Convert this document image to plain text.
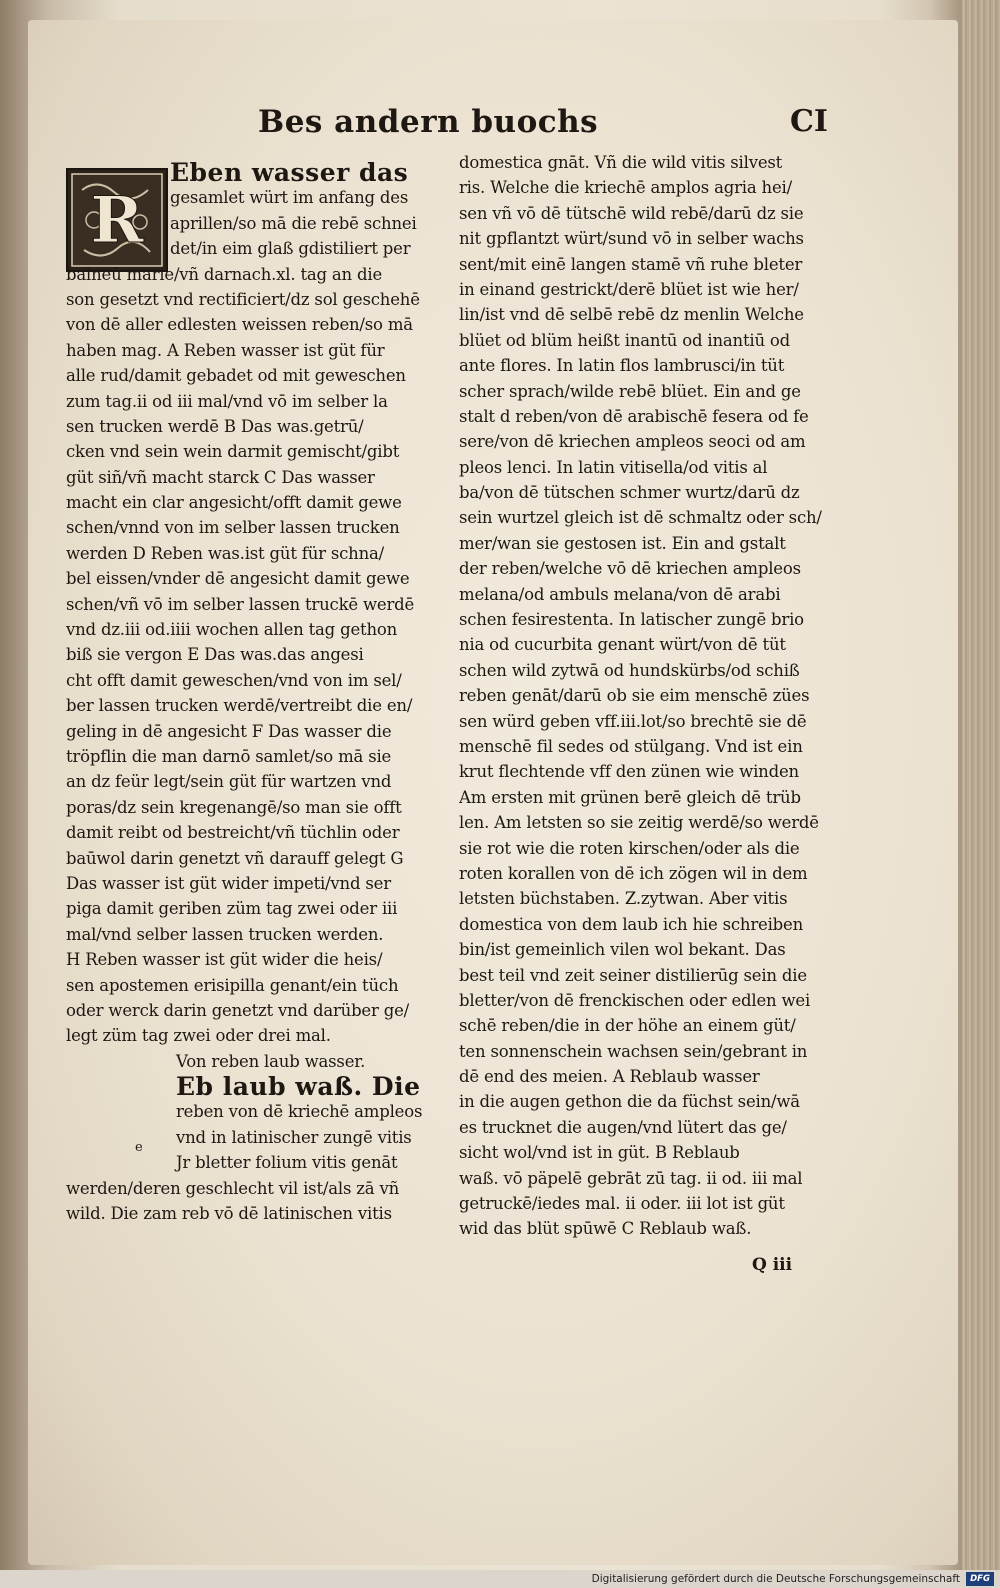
Bes andern buochs	CI
R
Eben wasser das
gesamlet würt im anfang des
aprillen/so mā die rebē schnei
det/in eim glaß gdistiliert per
balneū marie/vñ darnach.xl. tag an die
son gesetzt vnd rectificiert/dz sol geschehē
von dē aller edlesten weissen reben/so mā
haben mag. A Reben wasser ist güt für
alle rud/damit gebadet od mit geweschen
zum tag.ii od iii mal/vnd vō im selber la
sen trucken werdē B Das was.getrū/
cken vnd sein wein darmit gemischt/gibt
güt siñ/vñ macht starck C Das wasser
macht ein clar angesicht/offt damit gewe
schen/vnnd von im selber lassen trucken
werden D Reben was.ist güt für schna/
bel eissen/vnder dē angesicht damit gewe
schen/vñ vō im selber lassen truckē werdē
vnd dz.iii od.iiii wochen allen tag gethon
biß sie vergon E Das was.das angesi
cht offt damit geweschen/vnd von im sel/
ber lassen trucken werdē/vertreibt die en/
geling in dē angesicht F Das wasser die
tröpflin die man darnō samlet/so mā sie
an dz feür legt/sein güt für wartzen vnd
poras/dz sein kregenangē/so man sie offt
damit reibt od bestreicht/vñ tüchlin oder
baūwol darin genetzt vñ darauff gelegt G
Das wasser ist güt wider impeti/vnd ser
piga damit geriben züm tag zwei oder iii
mal/vnd selber lassen trucken werden.
H Reben wasser ist güt wider die heis/
sen apostemen erisipilla genant/ein tüch
oder werck darin genetzt vnd darüber ge/
legt züm tag zwei oder drei mal.
Von reben laub wasser.
Eb laub waß. Die
reben von dē kriechē ampleos
vnd in latinischer zungē vitis
Jr bletter folium vitis genāt
werden/deren geschlecht vil ist/als zā vñ
wild. Die zam reb vō dē latinischen vitis
domestica gnāt. Vñ die wild vitis silvest
ris. Welche die kriechē amplos agria hei/
sen vñ vō dē tütschē wild rebē/darū dz sie
nit gpflantzt würt/sund vō in selber wachs
sent/mit einē langen stamē vñ ruhe bleter
in einand gestrickt/derē blüet ist wie her/
lin/ist vnd dē selbē rebē dz menlin Welche
blüet od blüm heißt inantū od inantiū od
ante flores. In latin flos lambrusci/in tüt
scher sprach/wilde rebē blüet. Ein and ge
stalt d reben/von dē arabischē fesera od fe
sere/von dē kriechen ampleos seoci od am
pleos lenci. In latin vitisella/od vitis al
ba/von dē tütschen schmer wurtz/darū dz
sein wurtzel gleich ist dē schmaltz oder sch/
mer/wan sie gestosen ist. Ein and gstalt
der reben/welche vō dē kriechen ampleos
melana/od ambuls melana/von dē arabi
schen fesirestenta. In latischer zungē brio
nia od cucurbita genant würt/von dē tüt
schen wild zytwā od hundskürbs/od schiß
reben genāt/darū ob sie eim menschē zües
sen würd geben vff.iii.lot/so brechtē sie dē
menschē fil sedes od stülgang. Vnd ist ein
krut flechtende vff den zünen wie winden
Am ersten mit grünen berē gleich dē trüb
len. Am letsten so sie zeitig werdē/so werdē
sie rot wie die roten kirschen/oder als die
roten korallen von dē ich zögen wil in dem
letsten büchstaben. Z.zytwan. Aber vitis
domestica von dem laub ich hie schreiben
bin/ist gemeinlich vilen wol bekant. Das
best teil vnd zeit seiner distilierūg sein die
bletter/von dē frenckischen oder edlen wei
schē reben/die in der höhe an einem güt/
ten sonnenschein wachsen sein/gebrant in
dē end des meien. A Reblaub wasser
in die augen gethon die da füchst sein/wā
es trucknet die augen/vnd lütert das ge/
sicht wol/vnd ist in güt. B Reblaub
waß. vō päpelē gebrāt zū tag. ii od. iii mal
getruckē/iedes mal. ii oder. iii lot ist güt
wid das blüt spūwē C Reblaub waß.
e
Q iii
Digitalisierung gefördert durch die Deutsche Forschungsgemeinschaft	DFG
